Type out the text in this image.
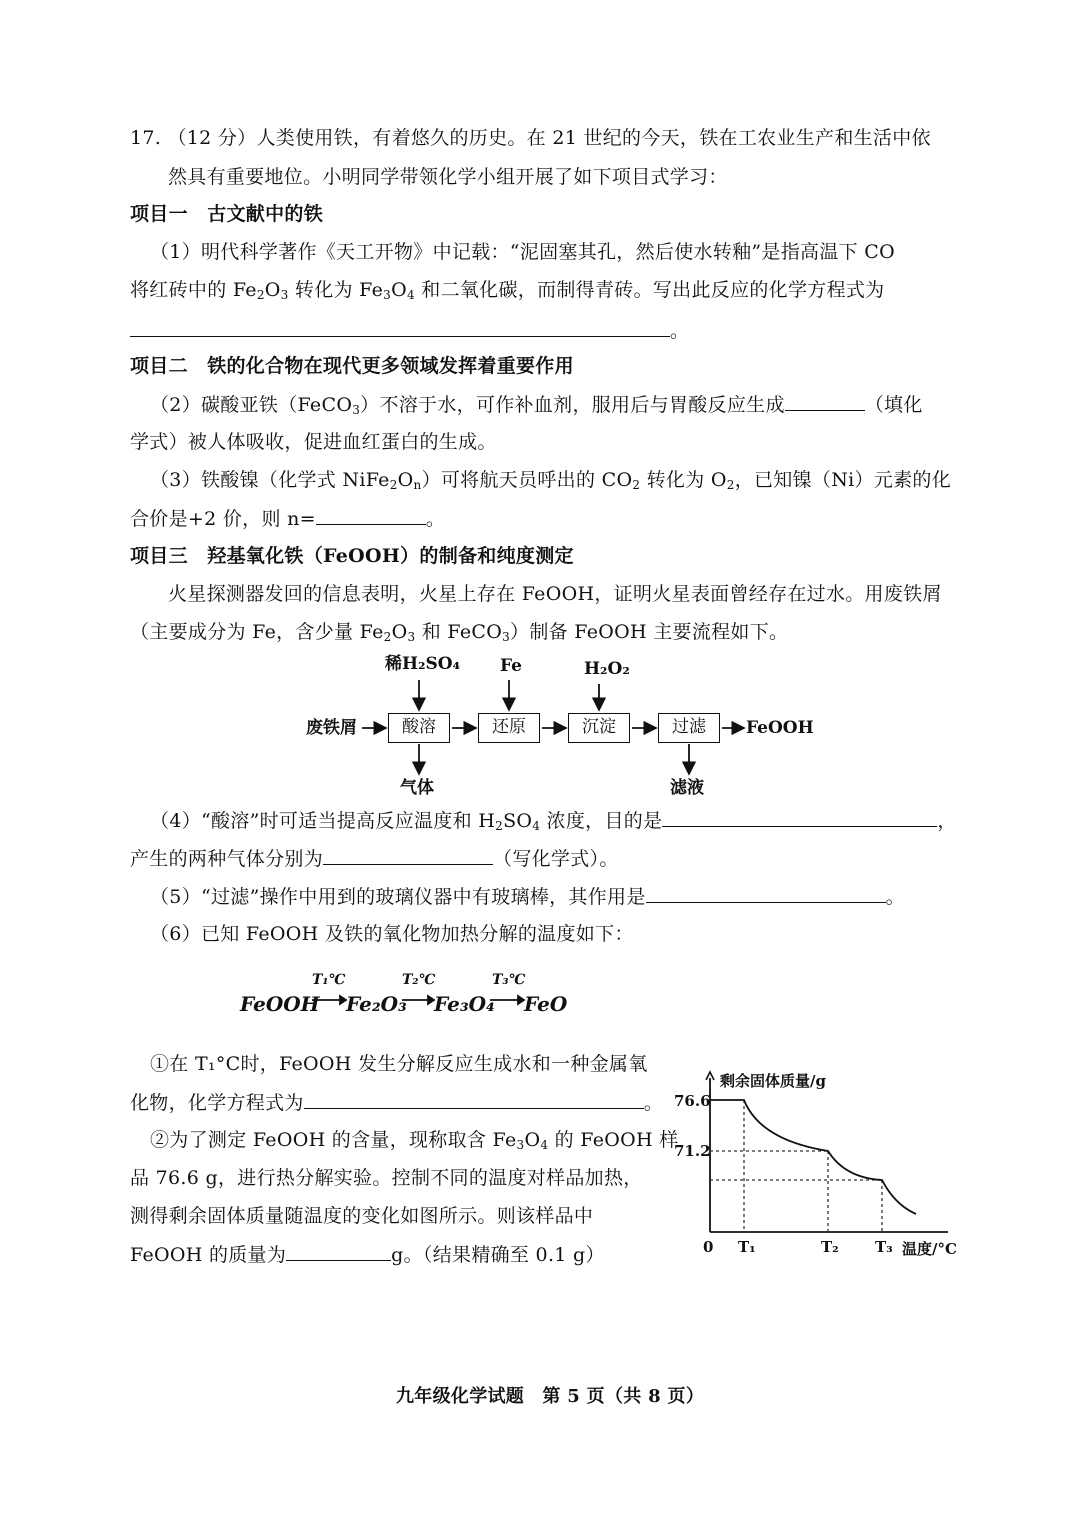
17. （12 分）人类使用铁，有着悠久的历史。在 21 世纪的今天，铁在工农业生产和生活中依
然具有重要地位。小明同学带领化学小组开展了如下项目式学习：
项目一　古文献中的铁
（1）明代科学著作《天工开物》中记载：“泥固塞其孔，然后使水转釉”是指高温下 CO
将红砖中的 $Fe_2O_3$ 转化为 $Fe_3O_4$ 和二氧化碳，而制得青砖。写出此反应的化学方程式为
。
项目二　铁的化合物在现代更多领域发挥着重要作用
（2）碳酸亚铁（FeCO$_3$）不溶于水，可作补血剂，服用后与胃酸反应生成	（填化
学式）被人体吸收，促进血红蛋白的生成。
（3）铁酸镍（化学式 $NiFe_2O_n$）可将航天员呼出的 $CO_2$ 转化为 $O_2$，已知镍（Ni）元素的化
合价是+2 价，则 n=	。
项目三　羟基氧化铁（FeOOH）的制备和纯度测定
火星探测器发回的信息表明，火星上存在 FeOOH，证明火星表面曾经存在过水。用废铁屑
（主要成分为 Fe，含少量 $Fe_2O_3$ 和 FeCO$_3$）制备 FeOOH 主要流程如下。
废铁屑	酸溶	还原	沉淀	过滤	FeOOH
稀H₂SO₄ Fe	H₂O₂
气体	滤液
（4）“酸溶”时可适当提高反应温度和 $H_2SO_4$ 浓度，目的是	，
产生的两种气体分别为	（写化学式）。
（5）“过滤”操作中用到的玻璃仪器中有玻璃棒，其作用是	。
（6）已知 FeOOH 及铁的氧化物加热分解的温度如下：
FeOOH Fe₂O₃ Fe₃O₄ FeO
T₁℃	T₂℃	T₃℃
①在 T₁°C时，FeOOH 发生分解反应生成水和一种金属氧
化物，化学方程式为	。
②为了测定 FeOOH 的含量，现称取含 $Fe_3O_4$ 的 FeOOH 样
品 76.6 g，进行热分解实验。控制不同的温度对样品加热，
测得剩余固体质量随温度的变化如图所示。则该样品中
FeOOH 的质量为	g。（结果精确至 0.1 g）
剩余固体质量/g
76.6
71.2
0 T₁	T₂ T₃ 温度/°C
九年级化学试题　第 5 页（共 8 页）
